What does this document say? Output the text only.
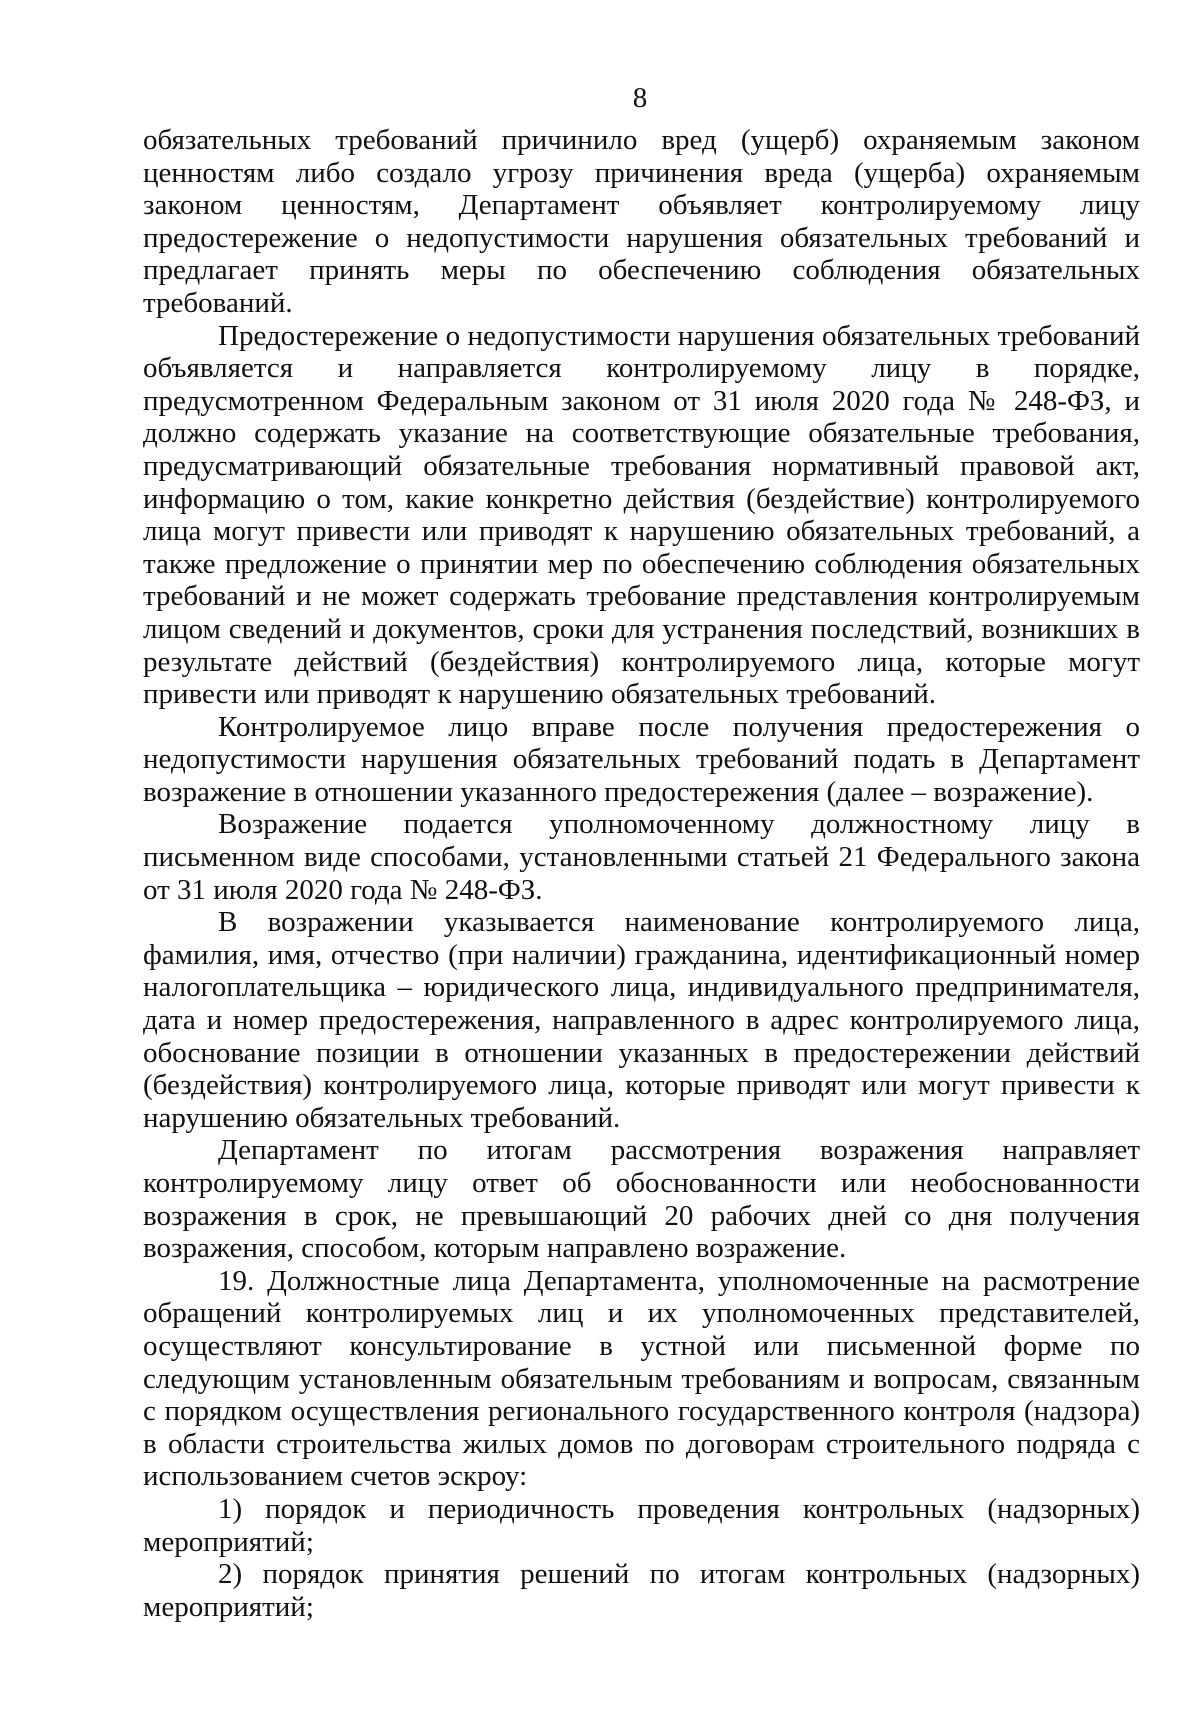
8

обязательных требований причинило вред (ущерб) охраняемым законом ценностям либо создало угрозу причинения вреда (ущерба) охраняемым законом ценностям, Департамент объявляет контролируемому лицу предостережение о недопустимости нарушения обязательных требований и предлагает принять меры по обеспечению соблюдения обязательных требований.

Предостережение о недопустимости нарушения обязательных требований объявляется и направляется контролируемому лицу в порядке, предусмотренном Федеральным законом от 31 июля 2020 года № 248-ФЗ, и должно содержать указание на соответствующие обязательные требования, предусматривающий обязательные требования нормативный правовой акт, информацию о том, какие конкретно действия (бездействие) контролируемого лица могут привести или приводят к нарушению обязательных требований, а также предложение о принятии мер по обеспечению соблюдения обязательных требований и не может содержать требование представления контролируемым лицом сведений и документов, сроки для устранения последствий, возникших в результате действий (бездействия) контролируемого лица, которые могут привести или приводят к нарушению обязательных требований.

Контролируемое лицо вправе после получения предостережения о недопустимости нарушения обязательных требований подать в Департамент возражение в отношении указанного предостережения (далее – возражение).

Возражение подается уполномоченному должностному лицу в письменном виде способами, установленными статьей 21 Федерального закона от 31 июля 2020 года № 248-ФЗ.

В возражении указывается наименование контролируемого лица, фамилия, имя, отчество (при наличии) гражданина, идентификационный номер налогоплательщика – юридического лица, индивидуального предпринимателя, дата и номер предостережения, направленного в адрес контролируемого лица, обоснование позиции в отношении указанных в предостережении действий (бездействия) контролируемого лица, которые приводят или могут привести к нарушению обязательных требований.

Департамент по итогам рассмотрения возражения направляет контролируемому лицу ответ об обоснованности или необоснованности возражения в срок, не превышающий 20 рабочих дней со дня получения возражения, способом, которым направлено возражение.

19. Должностные лица Департамента, уполномоченные на расмотрение обращений контролируемых лиц и их уполномоченных представителей, осуществляют консультирование в устной или письменной форме по следующим установленным обязательным требованиям и вопросам, связанным с порядком осуществления регионального государственного контроля (надзора) в области строительства жилых домов по договорам строительного подряда с использованием счетов эскроу:

1) порядок и периодичность проведения контрольных (надзорных) мероприятий;

2) порядок принятия решений по итогам контрольных (надзорных) мероприятий;
